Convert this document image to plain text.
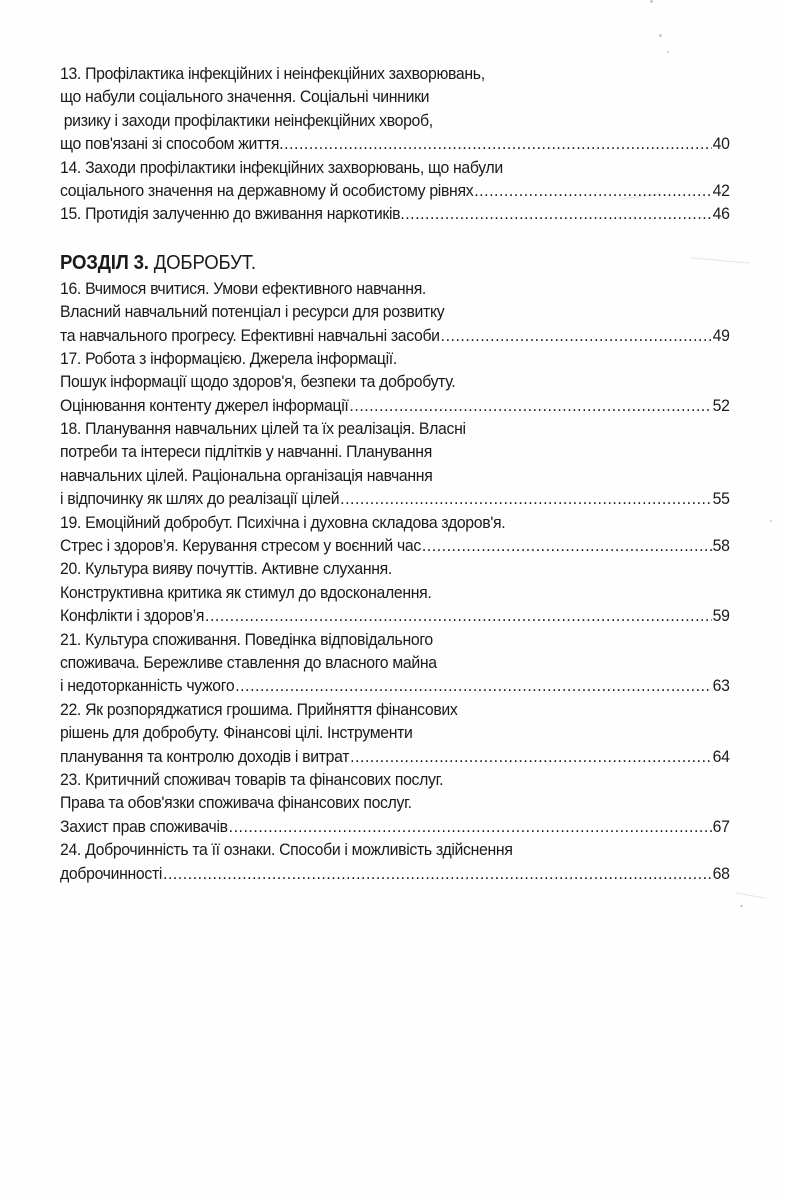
13. Профілактика інфекційних і неінфекційних захворювань,
що набули соціального значення. Соціальні чинники
ризику і заходи профілактики неінфекційних хвороб,
що пов'язані зі способом життя. .....	40
14. Заходи профілактики інфекційних захворювань, що набули
соціального значення на державному й особистому рівнях .....	42
15. Протидія залученню до вживання наркотиків. .....	46
РОЗДІЛ 3. ДОБРОБУТ.
16. Вчимося вчитися. Умови ефективного навчання.
Власний навчальний потенціал і ресурси для розвитку
та навчального прогресу. Ефективні навчальні засоби .....	49
17. Робота з інформацією. Джерела інформації.
Пошук інформації щодо здоров'я, безпеки та добробуту.
Оцінювання контенту джерел інформації .....	52
18. Планування навчальних цілей та їх реалізація. Власні
потреби та інтереси підлітків у навчанні. Планування
навчальних цілей. Раціональна організація навчання
і відпочинку як шлях до реалізації цілей .....	55
19. Емоційний добробут. Психічна і духовна складова здоров'я.
Стрес і здоров’я. Керування стресом у воєнний час .....	58
20. Культура вияву почуттів. Активне слухання.
Конструктивна критика як стимул до вдосконалення.
Конфлікти і здоров’я .....	59
21. Культура споживання. Поведінка відповідального
споживача. Бережливе ставлення до власного майна
і недоторканність чужого .....	63
22. Як розпоряджатися грошима. Прийняття фінансових
рішень для добробуту. Фінансові цілі. Інструменти
планування та контролю доходів і витрат .....	64
23. Критичний споживач товарів та фінансових послуг.
Права та обов'язки споживача фінансових послуг.
Захист прав споживачів .....	67
24. Доброчинність та її ознаки. Способи і можливість здійснення
доброчинності .....	68
